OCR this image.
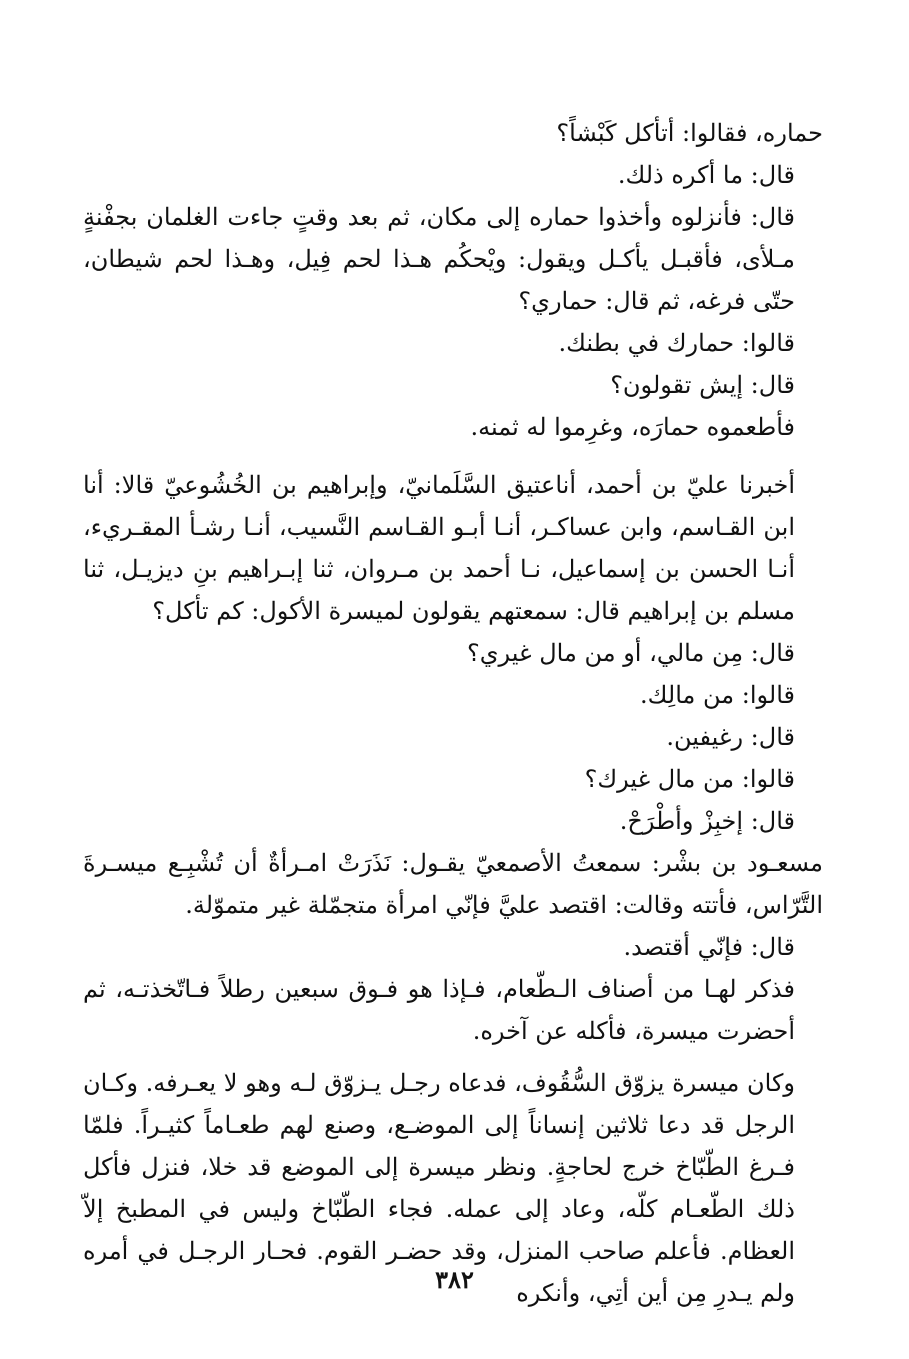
حماره، فقالوا: أتأكل كَبْشاً؟

قال: ما أكره ذلك.

قال: فأنزلوه وأخذوا حماره إلى مكان، ثم بعد وقتٍ جاءت الغلمان بجفْنةٍ مـلأى، فأقبـل يأكـل ويقول: ويْحكُم هـذا لحم فِيل، وهـذا لحم شيطان، حتّى فرغه، ثم قال: حماري؟

قالوا: حمارك في بطنك.

قال: إيش تقولون؟

فأطعموه حمارَه، وغرِموا له ثمنه.

أخبرنا عليّ بن أحمد، أناعتيق السَّلَمانيّ، وإبراهيم بن الخُشُوعيّ قالا: أنا ابن القـاسم، وابن عساكـر، أنـا أبـو القـاسم النَّسيب، أنـا رشـأ المقـريء، أنـا الحسن بن إسماعيل، نـا أحمد بن مـروان، ثنا إبـراهيم بنِ ديزيـل، ثنا مسلم بن إبراهيم قال: سمعتهم يقولون لميسرة الأكول: كم تأكل؟

قال: مِن مالي، أو من مال غيري؟

قالوا: من مالِك.

قال: رغيفين.

قالوا: من مال غيرك؟

قال: إخبِزْ وأطْرَحْ.

مسعـود بن بشْر: سمعتُ الأصمعيّ يقـول: نَذَرَتْ امـرأةٌ أن تُشْبِـع ميسـرةَ التَّرّاس، فأتته وقالت: اقتصد عليَّ فإنّي امرأة متجمّلة غير متموّلة.

قال: فإنّي أقتصد.

فذكر لهـا من أصناف الـطّعام، فـإذا هو فـوق سبعين رطلاً فـاتّخذتـه، ثم أحضرت ميسرة، فأكله عن آخره.

وكان ميسرة يزوّق السُّقُوف، فدعاه رجـل يـزوّق لـه وهو لا يعـرفه. وكـان الرجل قد دعا ثلاثين إنساناً إلى الموضـع، وصنع لهم طعـاماً كثيـراً. فلمّا فـرغ الطّبّاخ خرج لحاجةٍ. ونظر ميسرة إلى الموضع قد خلا، فنزل فأكل ذلك الطّعـام كلّه، وعاد إلى عمله. فجاء الطّبّاخ وليس في المطبخ إلاّ العظام. فأعلم صاحب المنزل، وقد حضـر القوم. فحـار الرجـل في أمره ولم يـدرِ مِن أين أتِي، وأنكره

٣٨٢
